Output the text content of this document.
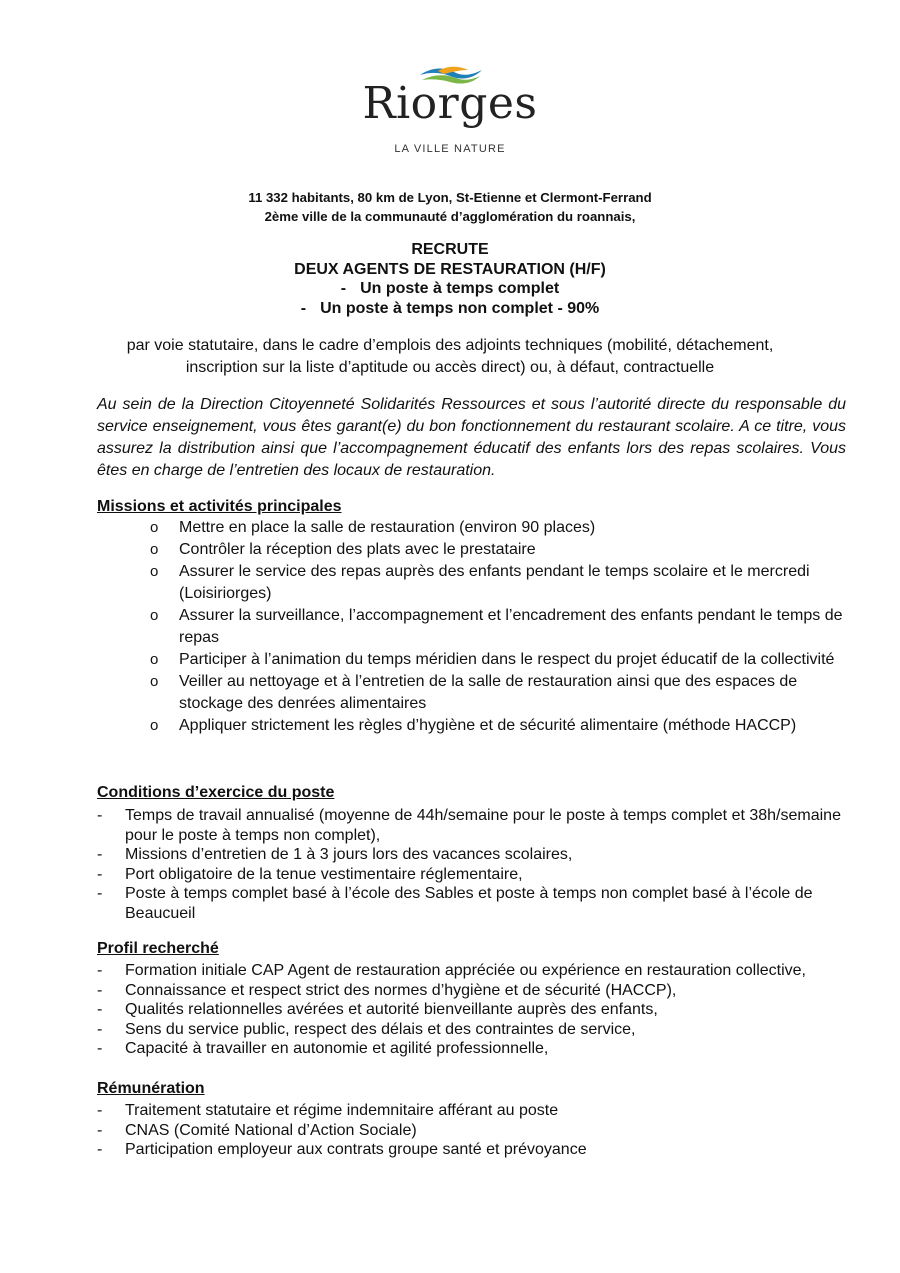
Riorges
LA VILLE NATURE
11 332 habitants, 80 km de Lyon, St-Etienne et Clermont-Ferrand
2ème ville de la communauté d’agglomération du roannais,
RECRUTE
DEUX AGENTS DE RESTAURATION (H/F)
- Un poste à temps complet
- Un poste à temps non complet - 90%
par voie statutaire, dans le cadre d’emplois des adjoints techniques (mobilité, détachement,
inscription sur la liste d’aptitude ou accès direct) ou, à défaut, contractuelle
Au sein de la Direction Citoyenneté Solidarités Ressources et sous l’autorité directe du responsable du service enseignement, vous êtes garant(e) du bon fonctionnement du restaurant scolaire. A ce titre, vous assurez la distribution ainsi que l’accompagnement éducatif des enfants lors des repas scolaires. Vous êtes en charge de l’entretien des locaux de restauration.
Missions et activités principales
o Mettre en place la salle de restauration (environ 90 places)
o Contrôler la réception des plats avec le prestataire
o Assurer le service des repas auprès des enfants pendant le temps scolaire et le mercredi (Loisiriorges)
o Assurer la surveillance, l’accompagnement et l’encadrement des enfants pendant le temps de repas
o Participer à l’animation du temps méridien dans le respect du projet éducatif de la collectivité
o Veiller au nettoyage et à l’entretien de la salle de restauration ainsi que des espaces de stockage des denrées alimentaires
o Appliquer strictement les règles d’hygiène et de sécurité alimentaire (méthode HACCP)
Conditions d’exercice du poste
- Temps de travail annualisé (moyenne de 44h/semaine pour le poste à temps complet et 38h/semaine pour le poste à temps non complet),
- Missions d’entretien de 1 à 3 jours lors des vacances scolaires,
- Port obligatoire de la tenue vestimentaire réglementaire,
- Poste à temps complet basé à l’école des Sables et poste à temps non complet basé à l’école de Beaucueil
Profil recherché
- Formation initiale CAP Agent de restauration appréciée ou expérience en restauration collective,
- Connaissance et respect strict des normes d’hygiène et de sécurité (HACCP),
- Qualités relationnelles avérées et autorité bienveillante auprès des enfants,
- Sens du service public, respect des délais et des contraintes de service,
- Capacité à travailler en autonomie et agilité professionnelle,
Rémunération
- Traitement statutaire et régime indemnitaire afférant au poste
- CNAS (Comité National d’Action Sociale)
- Participation employeur aux contrats groupe santé et prévoyance
